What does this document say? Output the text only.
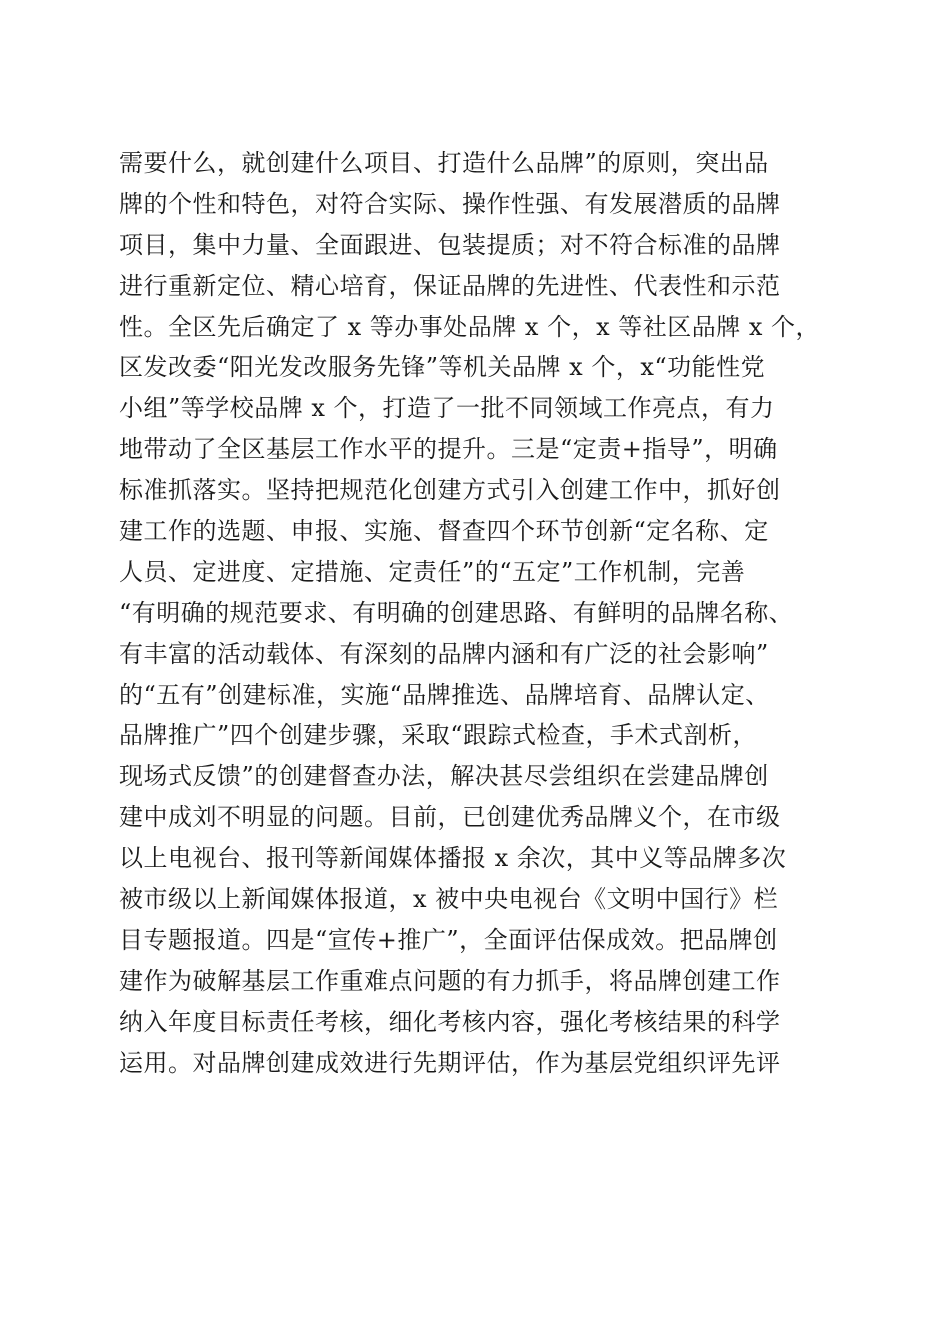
需要什么，就创建什么项目、打造什么品牌”的原则，突出品
牌的个性和特色，对符合实际、操作性强、有发展潜质的品牌
项目，集中力量、全面跟进、包装提质；对不符合标准的品牌
进行重新定位、精心培育，保证品牌的先进性、代表性和示范
性。全区先后确定了 x 等办事处品牌 x 个，x 等社区品牌 x 个，
区发改委“阳光发改服务先锋”等机关品牌 x 个，x“功能性党
小组”等学校品牌 x 个，打造了一批不同领域工作亮点，有力
地带动了全区基层工作水平的提升。三是“定责+指导”，明确
标准抓落实。坚持把规范化创建方式引入创建工作中，抓好创
建工作的选题、申报、实施、督查四个环节创新“定名称、定
人员、定进度、定措施、定责任”的“五定”工作机制，完善
“有明确的规范要求、有明确的创建思路、有鲜明的品牌名称、
有丰富的活动载体、有深刻的品牌内涵和有广泛的社会影响”
的“五有”创建标准，实施“品牌推选、品牌培育、品牌认定、
品牌推广”四个创建步骤，采取“跟踪式检查，手术式剖析，
现场式反馈”的创建督查办法，解决甚尽尝组织在尝建品牌创
建中成刘不明显的问题。目前，已创建优秀品牌义个，在市级
以上电视台、报刊等新闻媒体播报 x 余次，其中义等品牌多次
被市级以上新闻媒体报道，x 被中央电视台《文明中国行》栏
目专题报道。四是“宣传+推广”，全面评估保成效。把品牌创
建作为破解基层工作重难点问题的有力抓手，将品牌创建工作
纳入年度目标责任考核，细化考核内容，强化考核结果的科学
运用。对品牌创建成效进行先期评估，作为基层党组织评先评
